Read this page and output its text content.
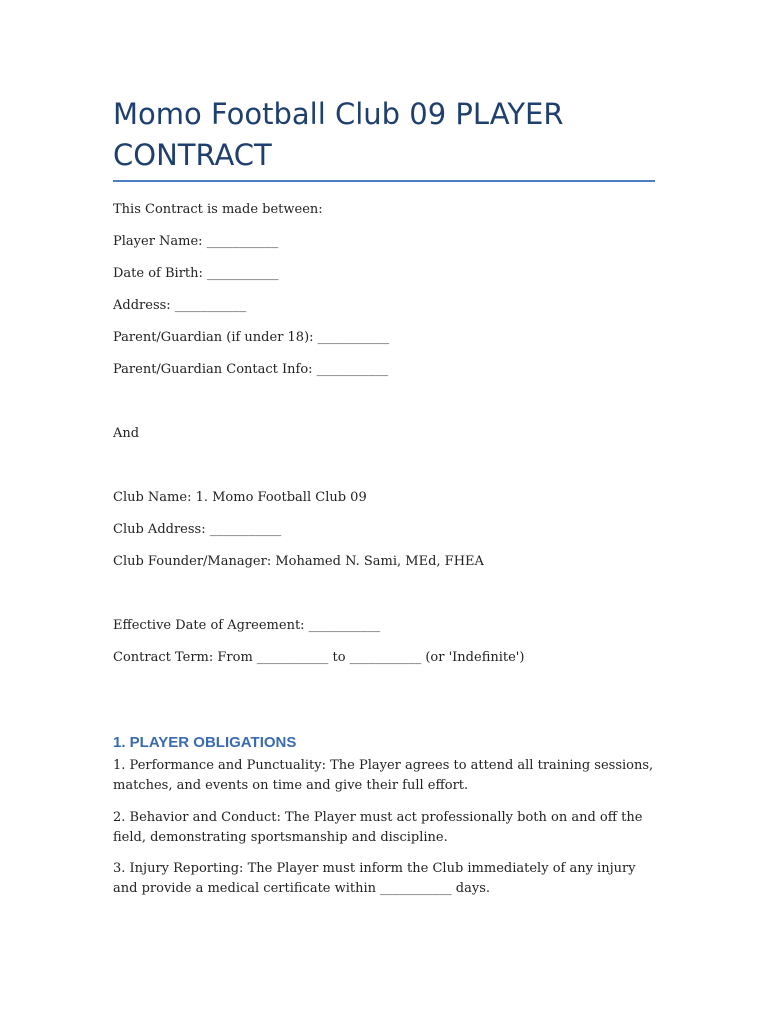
Momo Football Club 09 PLAYER CONTRACT
This Contract is made between:
Player Name: ___________
Date of Birth: ___________
Address: ___________
Parent/Guardian (if under 18): ___________
Parent/Guardian Contact Info: ___________
And
Club Name: 1. Momo Football Club 09
Club Address: ___________
Club Founder/Manager: Mohamed N. Sami, MEd, FHEA
Effective Date of Agreement: ___________
Contract Term: From ___________ to ___________ (or 'Indefinite')
1. PLAYER OBLIGATIONS
1. Performance and Punctuality: The Player agrees to attend all training sessions, matches, and events on time and give their full effort.
2. Behavior and Conduct: The Player must act professionally both on and off the field, demonstrating sportsmanship and discipline.
3. Injury Reporting: The Player must inform the Club immediately of any injury and provide a medical certificate within ___________ days.
